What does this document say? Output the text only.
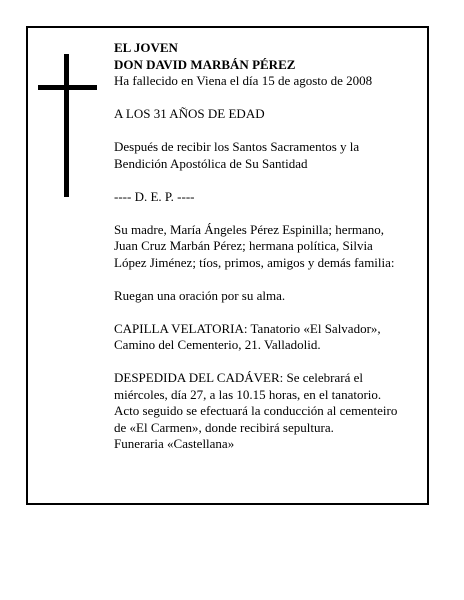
EL JOVEN

DON DAVID MARBÁN PÉREZ

Ha fallecido en Viena el día 15 de agosto de 2008

A LOS 31 AÑOS DE EDAD

Después de recibir los Santos Sacramentos y la

Bendición Apostólica de Su Santidad

---- D. E. P. ----

Su madre, María Ángeles Pérez Espinilla; hermano,

Juan Cruz Marbán Pérez; hermana política, Silvia

López Jiménez; tíos, primos, amigos y demás familia:

Ruegan una oración por su alma.

CAPILLA VELATORIA: Tanatorio «El Salvador»,

Camino del Cementerio, 21. Valladolid.

DESPEDIDA DEL CADÁVER: Se celebrará el

miércoles, día 27, a las 10.15 horas, en el tanatorio.

Acto seguido se efectuará la conducción al cementeiro

de «El Carmen», donde recibirá sepultura.

Funeraria «Castellana»
